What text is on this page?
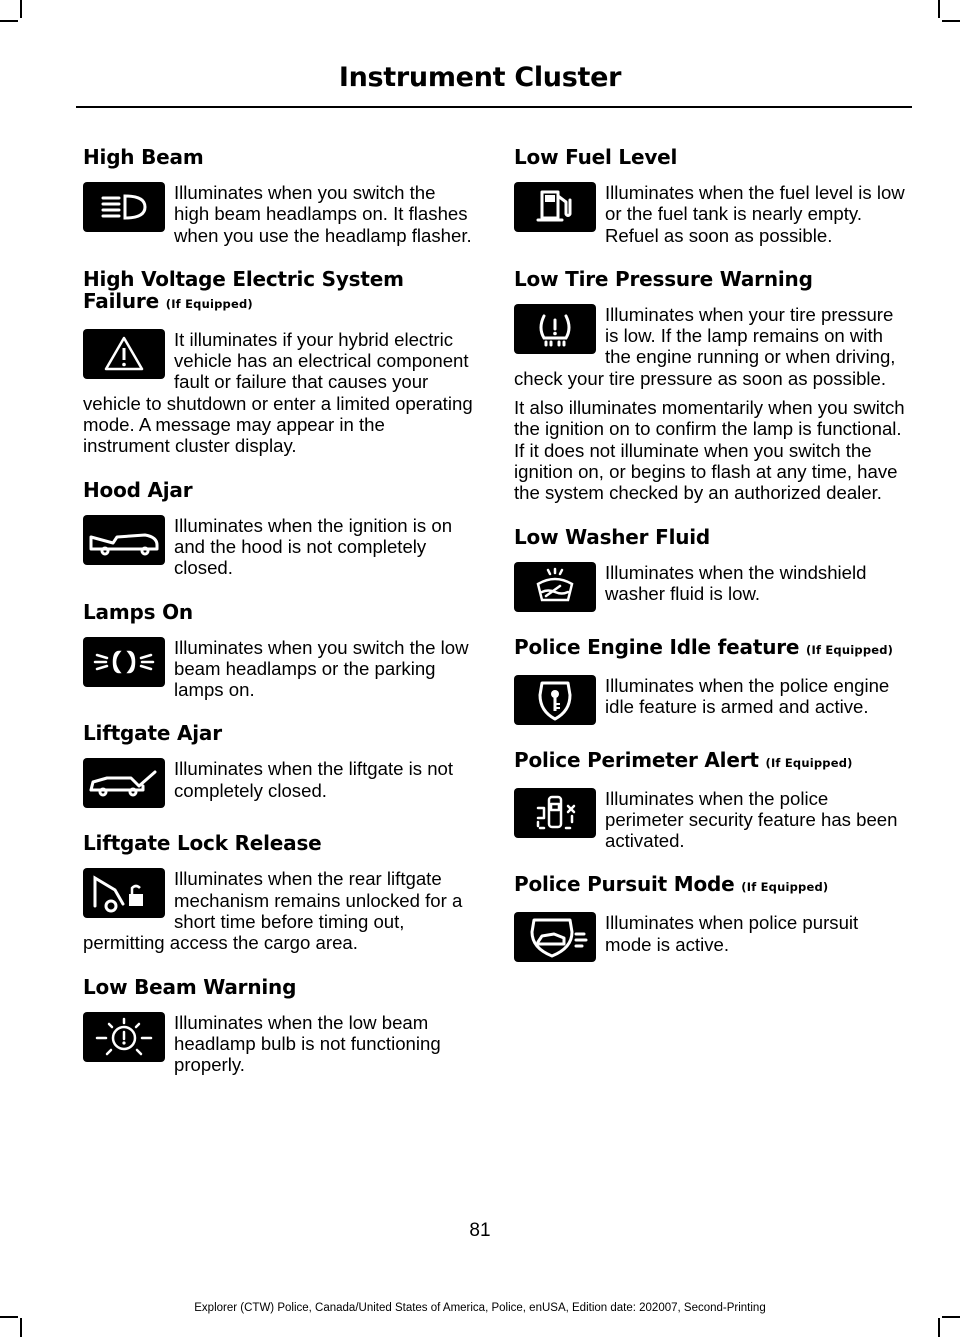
Instrument Cluster
High Beam

Illuminates when you switch the high beam headlamps on. It flashes when you use the headlamp flasher.

High Voltage Electric System Failure (If Equipped)

It illuminates if your hybrid electric vehicle has an electrical component fault or failure that causes your vehicle to shutdown or enter a limited operating mode. A message may appear in the instrument cluster display.

Hood Ajar

Illuminates when the ignition is on and the hood is not completely closed.

Lamps On

Illuminates when you switch the low beam headlamps or the parking lamps on.

Liftgate Ajar

Illuminates when the liftgate is not completely closed.

Liftgate Lock Release

Illuminates when the rear liftgate mechanism remains unlocked for a short time before timing out, permitting access the cargo area.

Low Beam Warning

Illuminates when the low beam headlamp bulb is not functioning properly.

Low Fuel Level

Illuminates when the fuel level is low or the fuel tank is nearly empty. Refuel as soon as possible.

Low Tire Pressure Warning

Illuminates when your tire pressure is low. If the lamp remains on with the engine running or when driving, check your tire pressure as soon as possible.

It also illuminates momentarily when you switch the ignition on to confirm the lamp is functional. If it does not illuminate when you switch the ignition on, or begins to flash at any time, have the system checked by an authorized dealer.

Low Washer Fluid

Illuminates when the windshield washer fluid is low.

Police Engine Idle feature (If Equipped)

Illuminates when the police engine idle feature is armed and active.

Police Perimeter Alert (If Equipped)

Illuminates when the police perimeter security feature has been activated.

Police Pursuit Mode (If Equipped)

Illuminates when police pursuit mode is active.

81
Explorer (CTW) Police, Canada/United States of America, Police, enUSA, Edition date: 202007, Second-Printing
